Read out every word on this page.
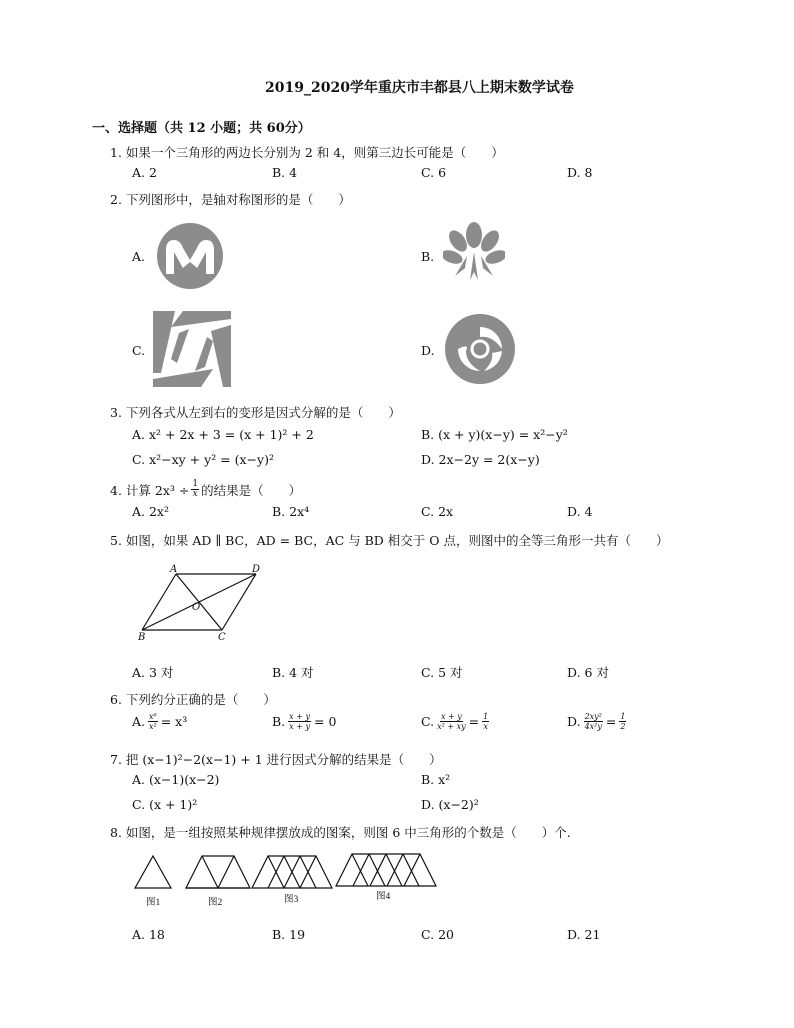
2019_2020学年重庆市丰都县八上期末数学试卷
一、选择题（共 12 小题；共 60分）
1. 如果一个三角形的两边长分别为 2 和 4，则第三边长可能是（　　）
A. 2	B. 4	C. 6	D. 8
2. 下列图形中，是轴对称图形的是（　　）
A.	B.
C.	D.
3. 下列各式从左到右的变形是因式分解的是（　　）
A. x² + 2x + 3 = (x + 1)² + 2	B. (x + y)(x−y) = x²−y²
C. x²−xy + y² = (x−y)²	D. 2x−2y = 2(x−y)
4. 计算 $2x^3 \div \frac{1}{x}$ 的结果是（　　）
A. 2x²	B. 2x⁴	C. 2x	D. 4
5. 如图，如果 AD ∥ BC，AD = BC，AC 与 BD 相交于 O 点，则图中的全等三角形一共有（　　）
A	D
O
B	C
A. 3 对	B. 4 对	C. 5 对	D. 6 对
6. 下列约分正确的是（　　）
A. $\frac{\text{x⁶}}{\text{x²}} = x^3$	B. $\frac{x + y}{x + y} = 0$	C. $\frac{x + y}{\text{x² + xy}} = \frac{1}{x}$	D. $\frac{\text{2xy²}}{\text{4x²y}} = \frac{1}{2}$
7. 把 (x−1)²−2(x−1) + 1 进行因式分解的结果是（　　）
A. (x−1)(x−2)	B. x²
C. (x + 1)²	D. (x−2)²
8. 如图，是一组按照某种规律摆放成的图案，则图 6 中三角形的个数是（　　）个.
图1	图2	图3	图4
A. 18	B. 19	C. 20	D. 21
